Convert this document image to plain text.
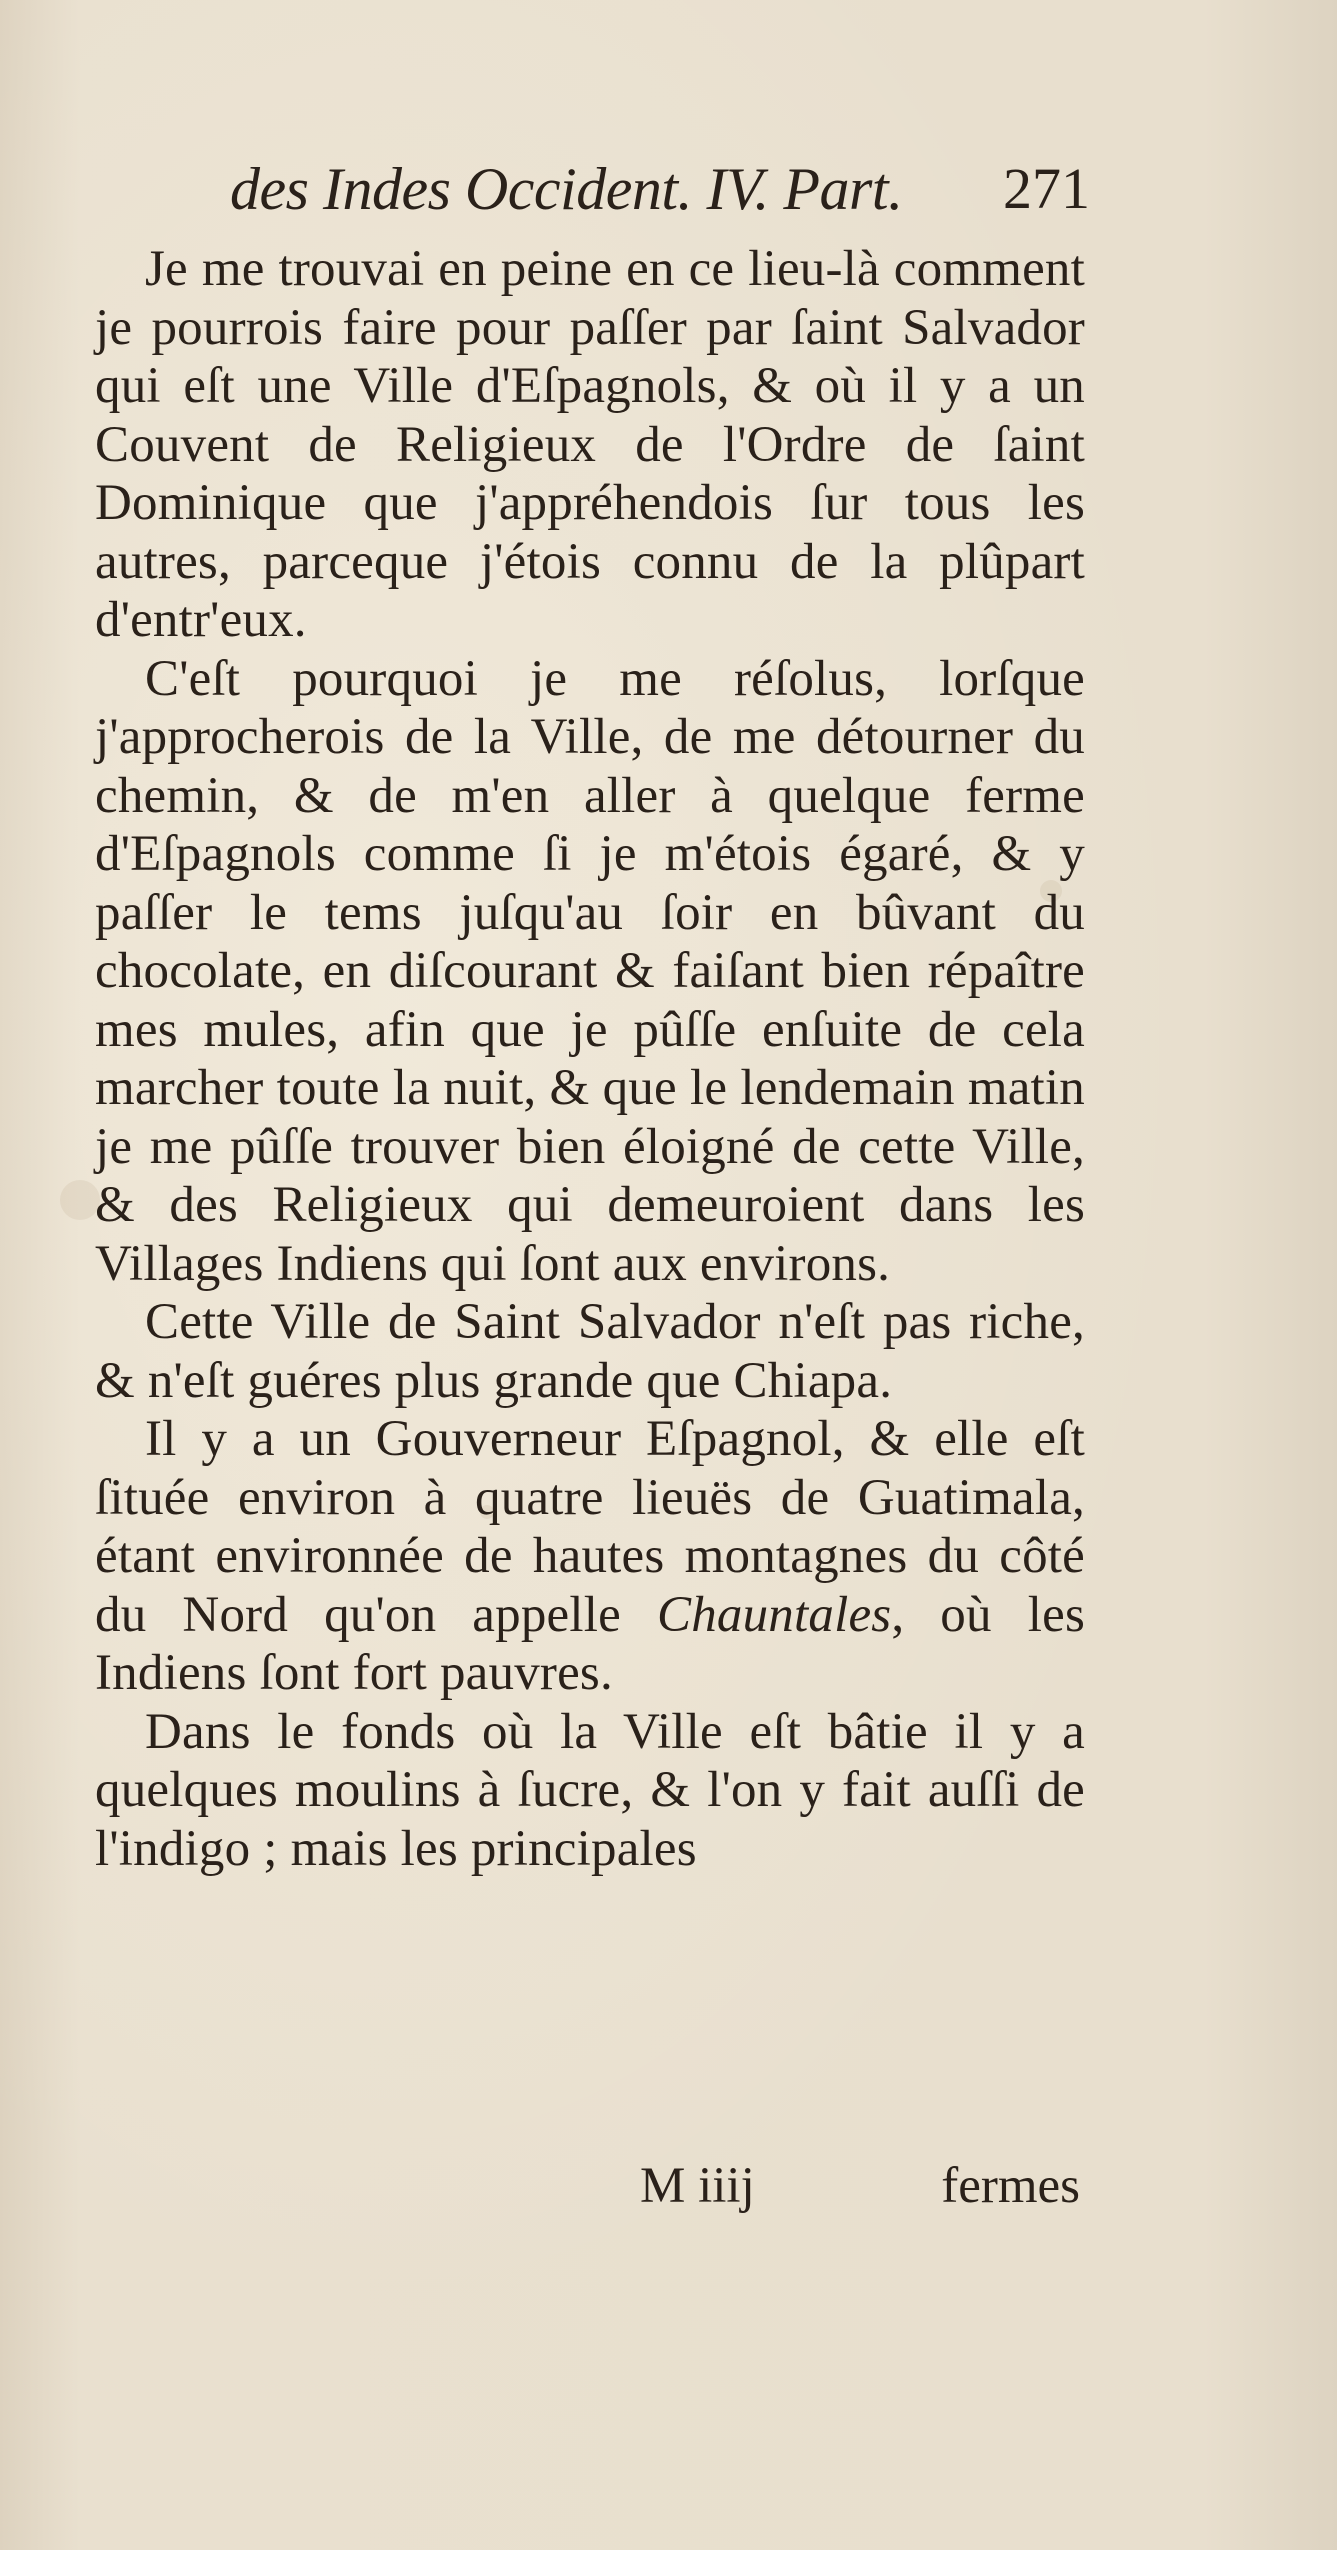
des Indes Occident. IV. Part. 271

Je me trouvai en peine en ce lieu-là comment je pourrois faire pour paſſer par ſaint Salvador qui eſt une Ville d'Eſpagnols, & où il y a un Couvent de Religieux de l'Ordre de ſaint Dominique que j'appréhendois ſur tous les autres, parceque j'étois connu de la plûpart d'entr'eux.

C'eſt pourquoi je me réſolus, lorſque j'approcherois de la Ville, de me détourner du chemin, & de m'en aller à quelque ferme d'Eſpagnols comme ſi je m'étois égaré, & y paſſer le tems juſqu'au ſoir en bûvant du chocolate, en diſcourant & faiſant bien répaître mes mules, afin que je pûſſe enſuite de cela marcher toute la nuit, & que le lendemain matin je me pûſſe trouver bien éloigné de cette Ville, & des Religieux qui demeuroient dans les Villages Indiens qui ſont aux environs.

Cette Ville de Saint Salvador n'eſt pas riche, & n'eſt guéres plus grande que Chiapa.

Il y a un Gouverneur Eſpagnol, & elle eſt ſituée environ à quatre lieuës de Guatimala, étant environnée de hautes montagnes du côté du Nord qu'on appelle Chauntales, où les Indiens ſont fort pauvres.

Dans le fonds où la Ville eſt bâtie il y a quelques moulins à ſucre, & l'on y fait auſſi de l'indigo ; mais les principales

M iiij	fermes
